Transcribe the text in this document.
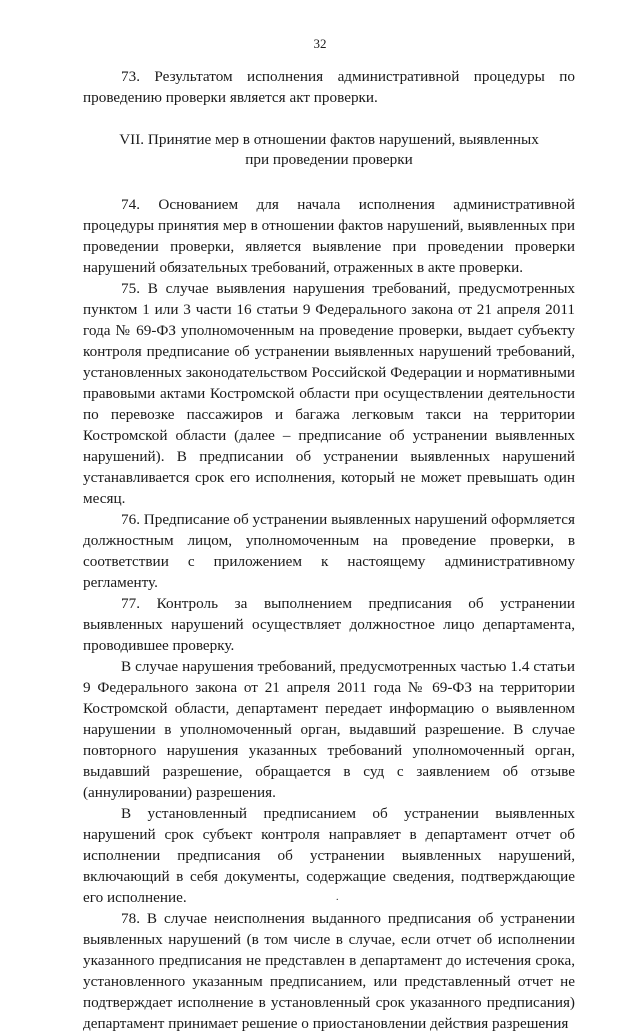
32

73. Результатом исполнения административной процедуры по проведению проверки является акт проверки.

VII. Принятие мер в отношении фактов нарушений, выявленных
при проведении проверки

74. Основанием для начала исполнения административной процедуры принятия мер в отношении фактов нарушений, выявленных при проведении проверки, является выявление при проведении проверки нарушений обязательных требований, отраженных в акте проверки.

75. В случае выявления нарушения требований, предусмотренных пунктом 1 или 3 части 16 статьи 9 Федерального закона от 21 апреля 2011 года № 69-ФЗ уполномоченным на проведение проверки, выдает субъекту контроля предписание об устранении выявленных нарушений требований, установленных законодательством Российской Федерации и нормативными правовыми актами Костромской области при осуществлении деятельности по перевозке пассажиров и багажа легковым такси на территории Костромской области (далее – предписание об устранении выявленных нарушений). В предписании об устранении выявленных нарушений устанавливается срок его исполнения, который не может превышать один месяц.

76. Предписание об устранении выявленных нарушений оформляется должностным лицом, уполномоченным на проведение проверки, в соответствии с приложением к настоящему административному регламенту.

77. Контроль за выполнением предписания об устранении выявленных нарушений осуществляет должностное лицо департамента, проводившее проверку.

В случае нарушения требований, предусмотренных частью 1.4 статьи 9 Федерального закона от 21 апреля 2011 года № 69-ФЗ на территории Костромской области, департамент передает информацию о выявленном нарушении в уполномоченный орган, выдавший разрешение. В случае повторного нарушения указанных требований уполномоченный орган, выдавший разрешение, обращается в суд с заявлением об отзыве (аннулировании) разрешения.

В установленный предписанием об устранении выявленных нарушений срок субъект контроля направляет в департамент отчет об исполнении предписания об устранении выявленных нарушений, включающий в себя документы, содержащие сведения, подтверждающие его исполнение.

78. В случае неисполнения выданного предписания об устранении выявленных нарушений (в том числе в случае, если отчет об исполнении указанного предписания не представлен в департамент до истечения срока, установленного указанным предписанием, или представленный отчет не подтверждает исполнение в установленный срок указанного предписания) департамент принимает решение о приостановлении действия разрешения

.
